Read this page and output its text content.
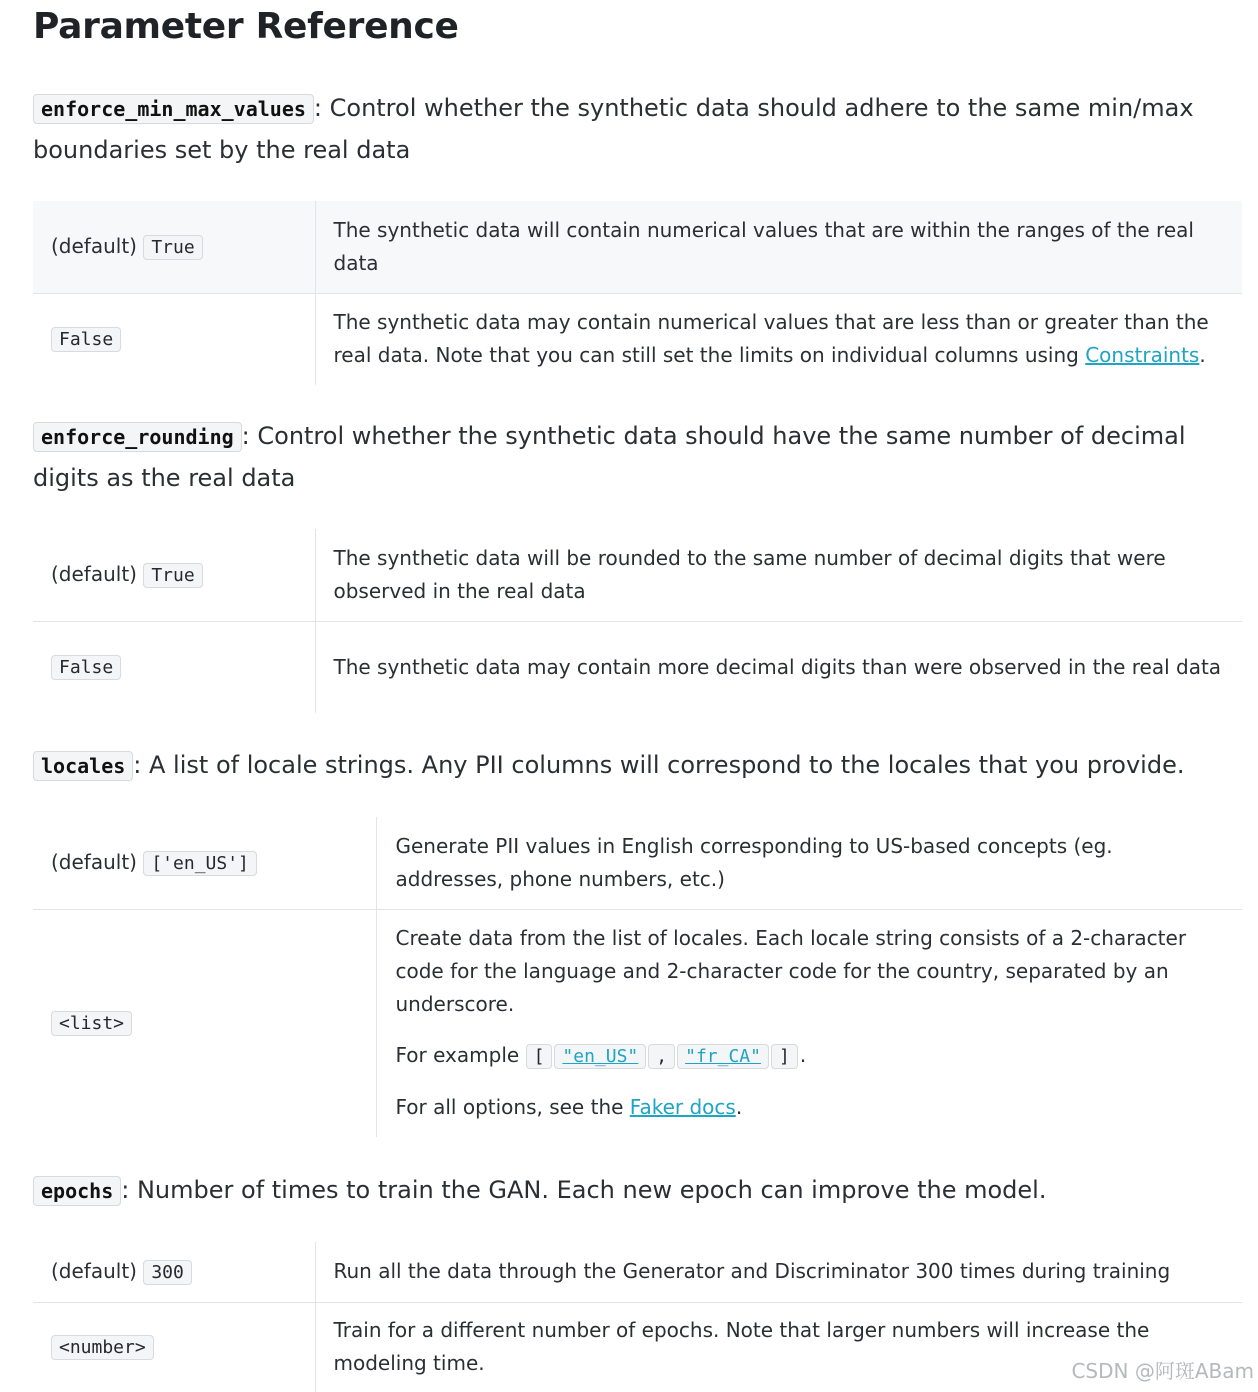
Parameter Reference
enforce_min_max_values : Control whether the synthetic data should adhere to the same min/max boundaries set by the real data
(default) True	The synthetic data will contain numerical values that are within the ranges of the real data
False	The synthetic data may contain numerical values that are less than or greater than the real data. Note that you can still set the limits on individual columns using Constraints.
enforce_rounding : Control whether the synthetic data should have the same number of decimal digits as the real data
(default) True	The synthetic data will be rounded to the same number of decimal digits that were observed in the real data
False	The synthetic data may contain more decimal digits than were observed in the real data
locales : A list of locale strings. Any PII columns will correspond to the locales that you provide.
(default) ['en_US']	Generate PII values in English corresponding to US-based concepts (eg. addresses, phone numbers, etc.)
<list>	Create data from the list of locales. Each locale string consists of a 2-character code for the language and 2-character code for the country, separated by an underscore.
For example [ "en_US" , "fr_CA" ] .
For all options, see the Faker docs.
epochs : Number of times to train the GAN. Each new epoch can improve the model.
(default) 300	Run all the data through the Generator and Discriminator 300 times during training
<number>	Train for a different number of epochs. Note that larger numbers will increase the modeling time.	CSDN @阿斑ABam
